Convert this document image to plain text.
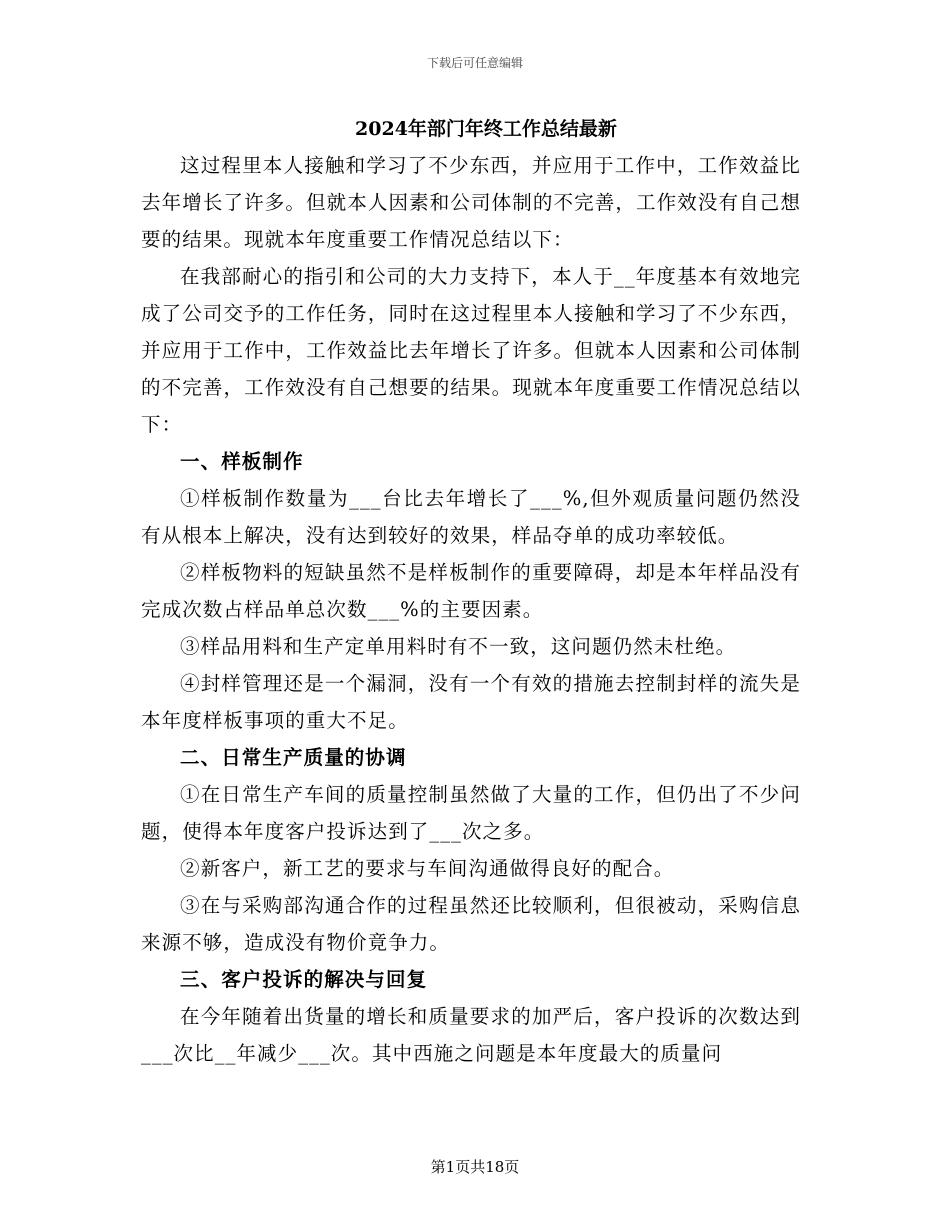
下载后可任意编辑
2024年部门年终工作总结最新

这过程里本人接触和学习了不少东西，并应用于工作中，工作效益比去年增长了许多。但就本人因素和公司体制的不完善，工作效没有自己想要的结果。现就本年度重要工作情况总结以下：

在我部耐心的指引和公司的大力支持下，本人于__年度基本有效地完成了公司交予的工作任务，同时在这过程里本人接触和学习了不少东西，并应用于工作中，工作效益比去年增长了许多。但就本人因素和公司体制的不完善，工作效没有自己想要的结果。现就本年度重要工作情况总结以下：

一、样板制作

①样板制作数量为___台比去年增长了___%,但外观质量问题仍然没有从根本上解决，没有达到较好的效果，样品夺单的成功率较低。

②样板物料的短缺虽然不是样板制作的重要障碍，却是本年样品没有完成次数占样品单总次数___%的主要因素。

③样品用料和生产定单用料时有不一致，这问题仍然未杜绝。

④封样管理还是一个漏洞，没有一个有效的措施去控制封样的流失是本年度样板事项的重大不足。

二、日常生产质量的协调

①在日常生产车间的质量控制虽然做了大量的工作，但仍出了不少问题，使得本年度客户投诉达到了___次之多。

②新客户，新工艺的要求与车间沟通做得良好的配合。

③在与采购部沟通合作的过程虽然还比较顺利，但很被动，采购信息来源不够，造成没有物价竟争力。

三、客户投诉的解决与回复

在今年随着出货量的增长和质量要求的加严后，客户投诉的次数达到___次比__年减少___次。其中西施之问题是本年度最大的质量问

第1页共18页
